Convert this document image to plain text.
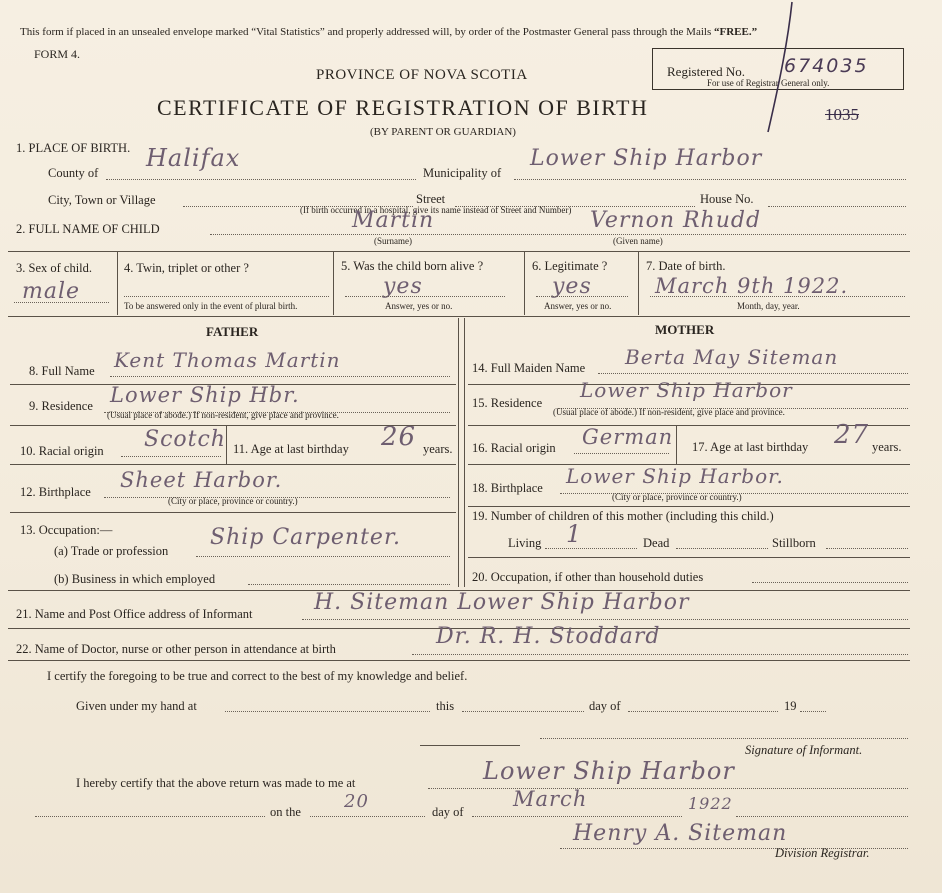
This form if placed in an unsealed envelope marked “Vital Statistics” and properly addressed will, by order of the Postmaster General pass through the Mails “FREE.”
FORM 4.
PROVINCE OF NOVA SCOTIA
CERTIFICATE OF REGISTRATION OF BIRTH
(BY PARENT OR GUARDIAN)
Registered No. 674035
For use of Registrar General only.
1035
1. PLACE OF BIRTH.
County of
Halifax
Municipality of
Lower Ship Harbor
City, Town or Village	Street	House No.
(If birth occurred in a hospital, give its name instead of Street and Number)
2. FULL NAME OF CHILD	Martin
(Surname)
Vernon Rhudd
(Given name)
3. Sex of child.
male
4. Twin, triplet or other ?
To be answered only in the event of plural birth.
5. Was the child born alive ?
yes
Answer, yes or no.
6. Legitimate ?
yes
Answer, yes or no.
7. Date of birth.
March 9th 1922.
Month, day, year.
FATHER	MOTHER
8. Full Name Kent Thomas Martin
9. Residence Lower Ship Hbr.
(Usual place of abode.) If non-resident, give place and province.
10. Racial origin Scotch 11. Age at last birthday 26 years.
12. Birthplace Sheet Harbor.
(City or place, province or country.)
13. Occupation:—
(a) Trade or profession
Ship Carpenter.
(b) Business in which employed
14. Full Maiden Name Berta May Siteman
15. Residence
Lower Ship Harbor
(Usual place of abode.) If non-resident, give place and province.
16. Racial origin German 17. Age at last birthday 27 years.
18. Birthplace Lower Ship Harbor.
(City or place, province or country.)
19. Number of children of this mother (including this child.)
Living 1	Dead	Stillborn
20. Occupation, if other than household duties
21. Name and Post Office address of Informant	H. Siteman Lower Ship Harbor
22. Name of Doctor, nurse or other person in attendance at birth	Dr. R. H. Stoddard
I certify the foregoing to be true and correct to the best of my knowledge and belief.
Given under my hand at	this	day of	19
Signature of Informant.
I hereby certify that the above return was made to me at	Lower Ship Harbor
on the 20	day of
March	1922
Henry A. Siteman
Division Registrar.
